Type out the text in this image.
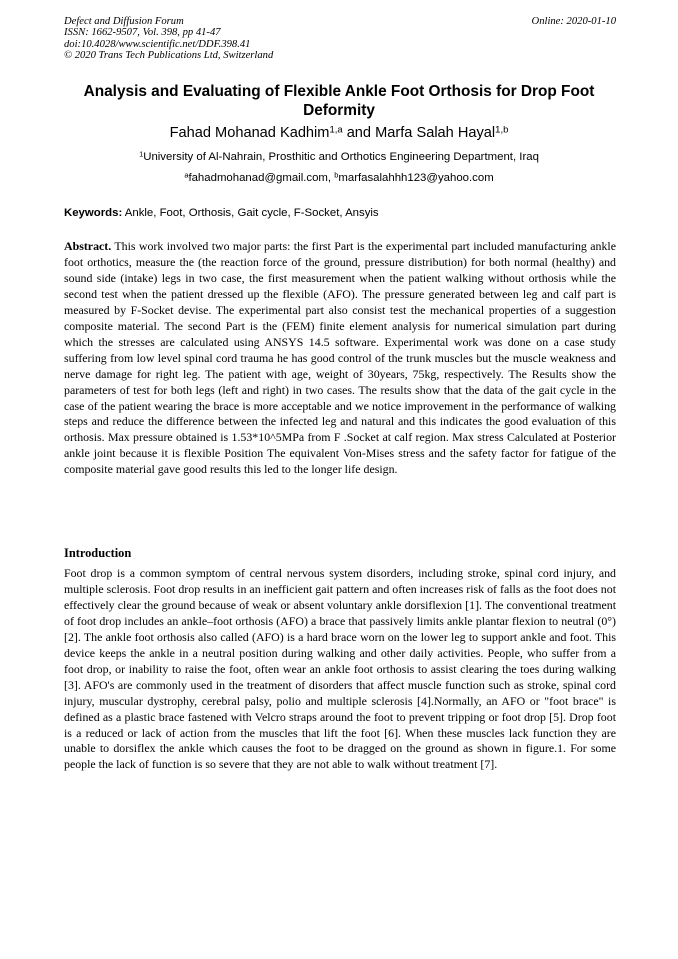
Defect and Diffusion Forum
ISSN: 1662-9507, Vol. 398, pp 41-47
doi:10.4028/www.scientific.net/DDF.398.41
© 2020 Trans Tech Publications Ltd, Switzerland
Online: 2020-01-10
Analysis and Evaluating of Flexible Ankle Foot Orthosis for Drop Foot Deformity
Fahad Mohanad Kadhim$^{1,a}$ and Marfa Salah Hayal$^{1,b}$
$^1$University of Al-Nahrain, Prosthitic and Orthotics Engineering Department, Iraq
$^a$fahadmohanad@gmail.com, $^b$marfasalahhh123@yahoo.com
Keywords: Ankle, Foot, Orthosis, Gait cycle, F-Socket, Ansyis
Abstract. This work involved two major parts: the first Part is the experimental part included manufacturing ankle foot orthotics, measure the (the reaction force of the ground, pressure distribution) for both normal (healthy) and sound side (intake) legs in two case, the first measurement when the patient walking without orthosis while the second test when the patient dressed up the flexible (AFO). The pressure generated between leg and calf part is measured by F-Socket devise. The experimental part also consist test the mechanical properties of a suggestion composite material. The second Part is the (FEM) finite element analysis for numerical simulation part during which the stresses are calculated using ANSYS 14.5 software. Experimental work was done on a case study suffering from low level spinal cord trauma he has good control of the trunk muscles but the muscle weakness and nerve damage for right leg. The patient with age, weight of 30years, 75kg, respectively. The Results show the parameters of test for both legs (left and right) in two cases. The results show that the data of the gait cycle in the case of the patient wearing the brace is more acceptable and we notice improvement in the performance of walking steps and reduce the difference between the infected leg and natural and this indicates the good evaluation of this orthosis. Max pressure obtained is 1.53*10^5MPa from F .Socket at calf region. Max stress Calculated at Posterior ankle joint because it is flexible Position The equivalent Von-Mises stress and the safety factor for fatigue of the composite material gave good results this led to the longer life design.
Introduction
Foot drop is a common symptom of central nervous system disorders, including stroke, spinal cord injury, and multiple sclerosis. Foot drop results in an inefficient gait pattern and often increases risk of falls as the foot does not effectively clear the ground because of weak or absent voluntary ankle dorsiflexion [1]. The conventional treatment of foot drop includes an ankle–foot orthosis (AFO) a brace that passively limits ankle plantar flexion to neutral (0°) [2]. The ankle foot orthosis also called (AFO) is a hard brace worn on the lower leg to support ankle and foot. This device keeps the ankle in a neutral position during walking and other daily activities. People, who suffer from a foot drop, or inability to raise the foot, often wear an ankle foot orthosis to assist clearing the toes during walking [3]. AFO's are commonly used in the treatment of disorders that affect muscle function such as stroke, spinal cord injury, muscular dystrophy, cerebral palsy, polio and multiple sclerosis [4].Normally, an AFO or "foot brace" is defined as a plastic brace fastened with Velcro straps around the foot to prevent tripping or foot drop [5]. Drop foot is a reduced or lack of action from the muscles that lift the foot [6]. When these muscles lack function they are unable to dorsiflex the ankle which causes the foot to be dragged on the ground as shown in figure.1. For some people the lack of function is so severe that they are not able to walk without treatment [7].
